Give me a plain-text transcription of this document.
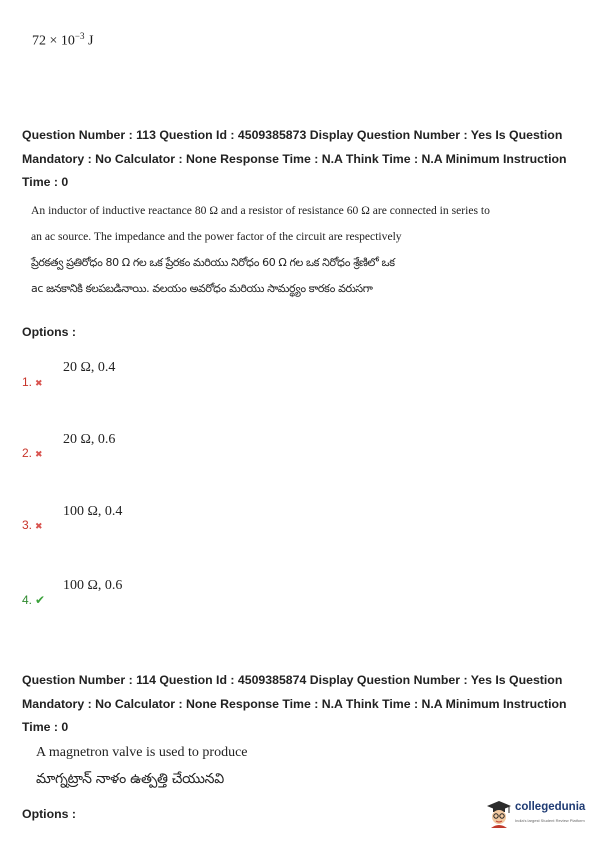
$72 \times 10^{-3}$ J
Question Number : 113 Question Id : 4509385873 Display Question Number : Yes Is Question
Mandatory : No Calculator : None Response Time : N.A Think Time : N.A Minimum Instruction
Time : 0
An inductor of inductive reactance 80 Ω and a resistor of resistance 60 Ω are connected in series to
an ac source. The impedance and the power factor of the circuit are respectively
ప్రేరకత్వ ప్రతిరోధం 80 Ω గల ఒక ప్రేరకం మరియు నిరోధం 60 Ω గల ఒక నిరోధం శ్రేణిలో ఒక
ac జనకానికి కలపబడినాయి. వలయం అవరోధం మరియు సామర్థ్యం కారకం వరుసగా
Options :
20 Ω, 0.4
1. ✖
20 Ω, 0.6
2. ✖
100 Ω, 0.4
3. ✖
100 Ω, 0.6
4. ✔
Question Number : 114 Question Id : 4509385874 Display Question Number : Yes Is Question
Mandatory : No Calculator : None Response Time : N.A Think Time : N.A Minimum Instruction
Time : 0
A magnetron valve is used to produce
మాగ్నట్రాన్ నాళం ఉత్పత్తి చేయునవి
Options :	collegedunia
India's largest Student Review Platform
